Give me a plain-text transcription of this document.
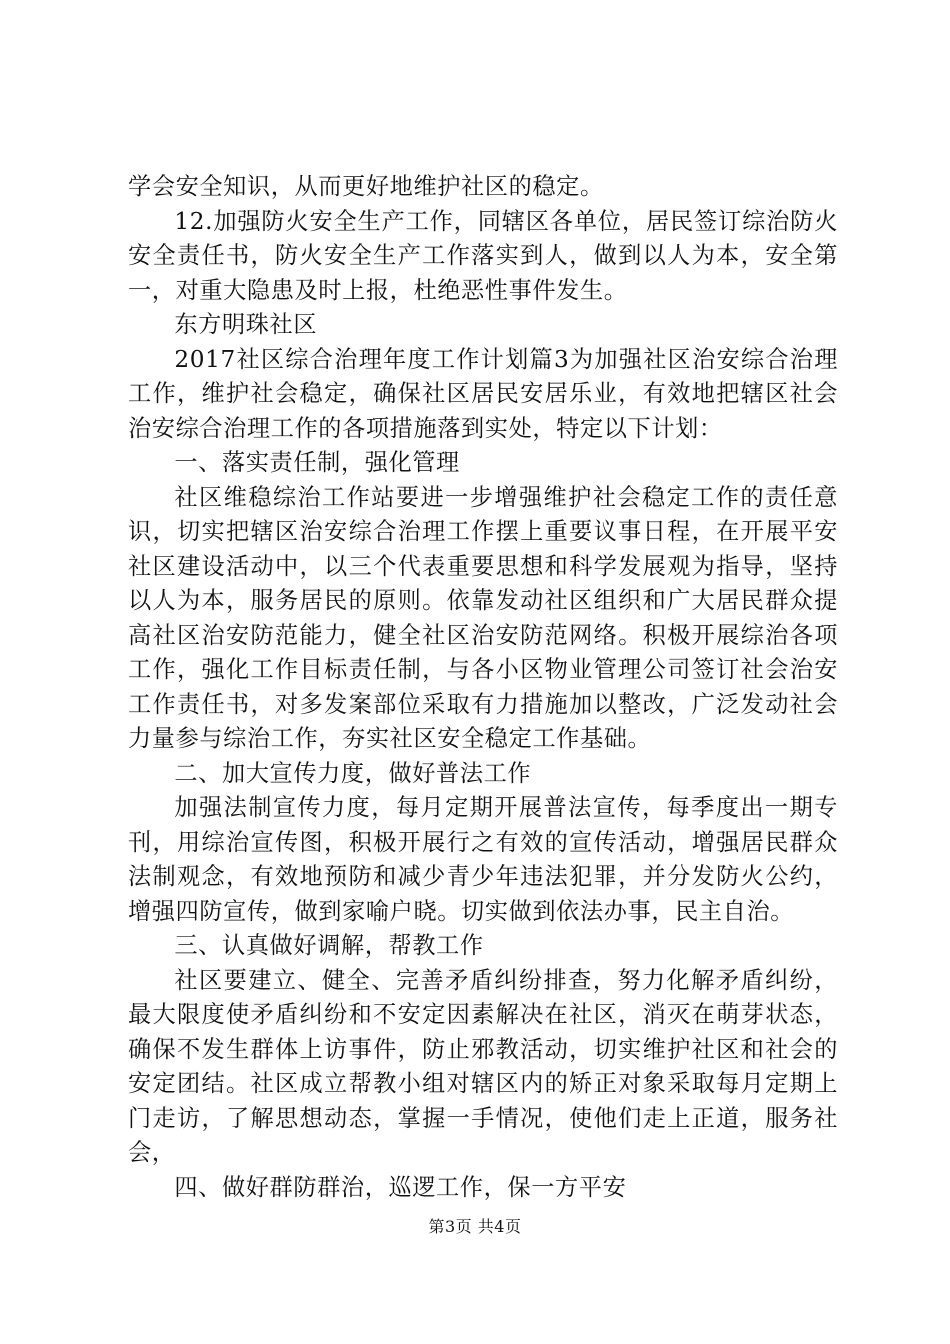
学会安全知识，从而更好地维护社区的稳定。

12.加强防火安全生产工作，同辖区各单位，居民签订综治防火安全责任书，防火安全生产工作落实到人，做到以人为本，安全第一，对重大隐患及时上报，杜绝恶性事件发生。

东方明珠社区

2017社区综合治理年度工作计划篇3为加强社区治安综合治理工作，维护社会稳定，确保社区居民安居乐业，有效地把辖区社会治安综合治理工作的各项措施落到实处，特定以下计划：

一、落实责任制，强化管理

社区维稳综治工作站要进一步增强维护社会稳定工作的责任意识，切实把辖区治安综合治理工作摆上重要议事日程，在开展平安社区建设活动中，以三个代表重要思想和科学发展观为指导，坚持以人为本，服务居民的原则。依靠发动社区组织和广大居民群众提高社区治安防范能力，健全社区治安防范网络。积极开展综治各项工作，强化工作目标责任制，与各小区物业管理公司签订社会治安工作责任书，对多发案部位采取有力措施加以整改，广泛发动社会力量参与综治工作，夯实社区安全稳定工作基础。

二、加大宣传力度，做好普法工作

加强法制宣传力度，每月定期开展普法宣传，每季度出一期专刊，用综治宣传图，积极开展行之有效的宣传活动，增强居民群众法制观念，有效地预防和减少青少年违法犯罪，并分发防火公约，增强四防宣传，做到家喻户晓。切实做到依法办事，民主自治。

三、认真做好调解，帮教工作

社区要建立、健全、完善矛盾纠纷排查，努力化解矛盾纠纷，最大限度使矛盾纠纷和不安定因素解决在社区，消灭在萌芽状态，确保不发生群体上访事件，防止邪教活动，切实维护社区和社会的安定团结。社区成立帮教小组对辖区内的矫正对象采取每月定期上门走访，了解思想动态，掌握一手情况，使他们走上正道，服务社会，

四、做好群防群治，巡逻工作，保一方平安

第3页 共4页
